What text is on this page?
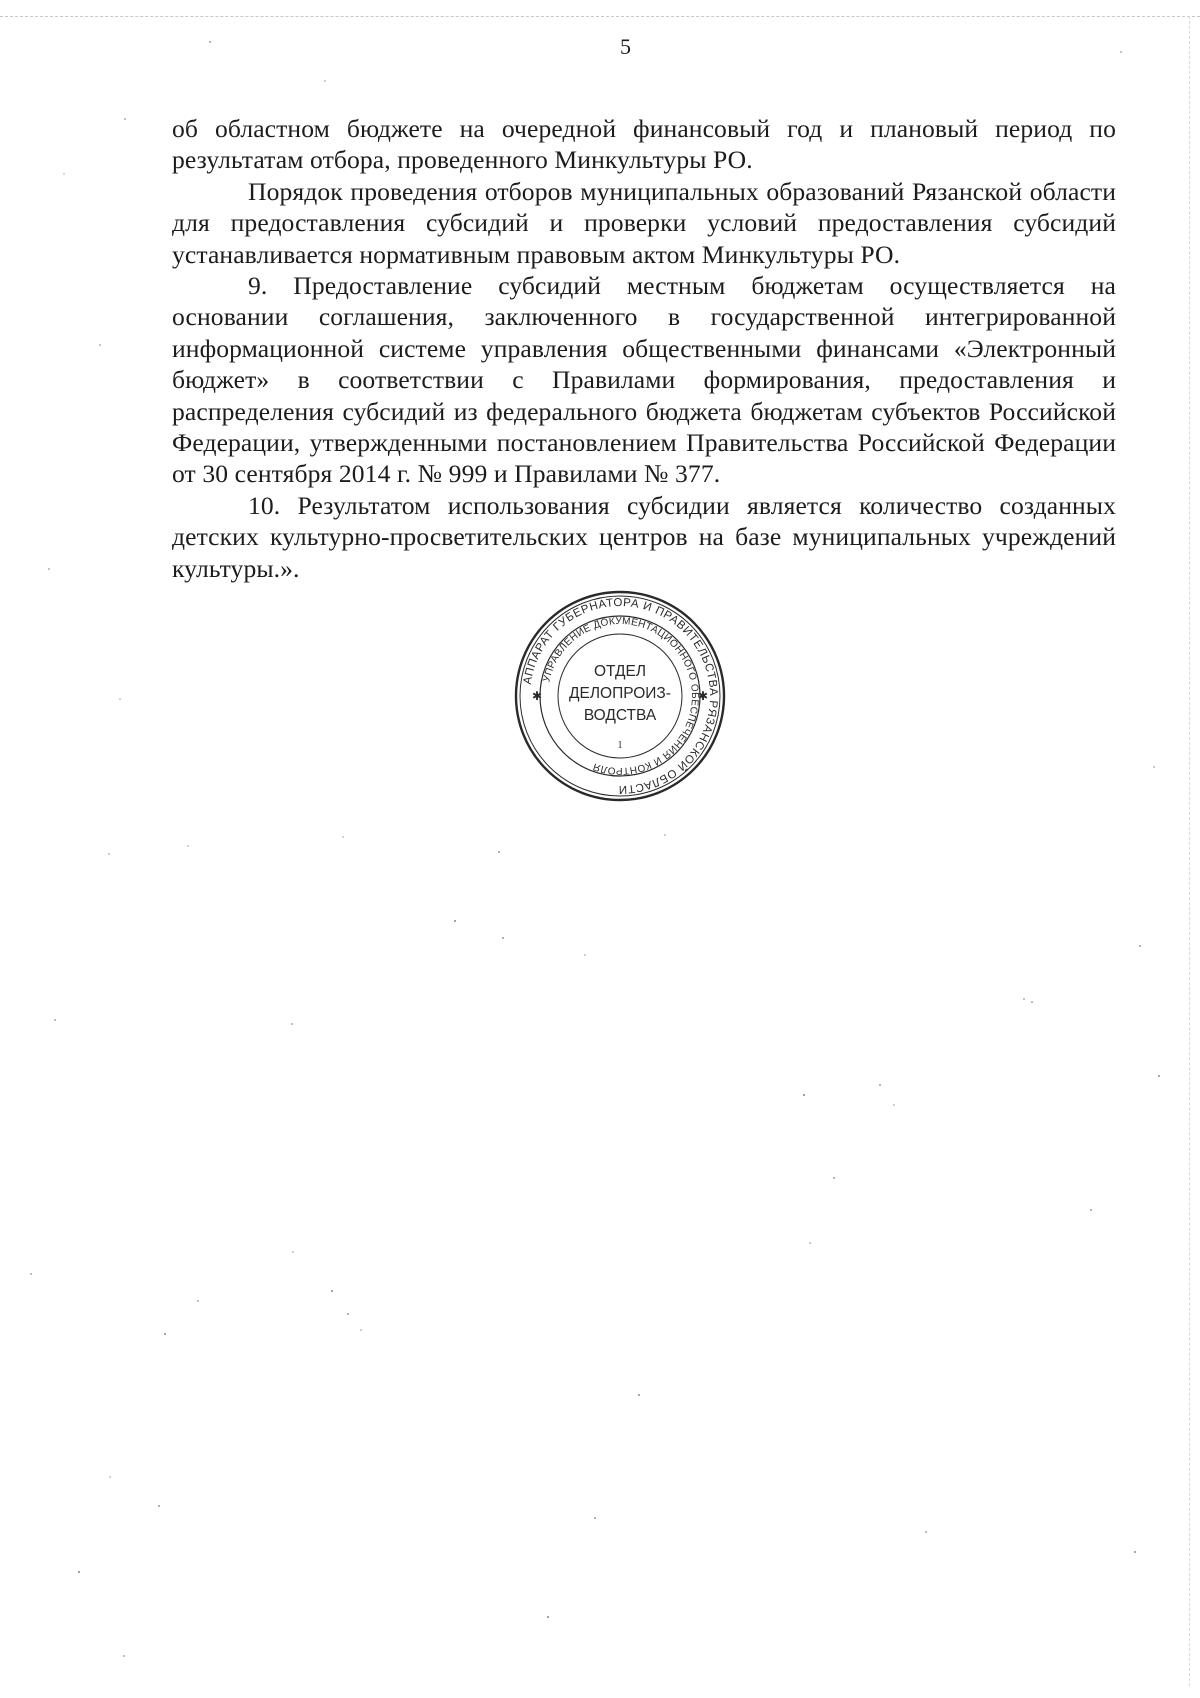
5

об областном бюджете на очередной финансовый год и плановый период по результатам отбора, проведенного Минкультуры РО.

Порядок проведения отборов муниципальных образований Рязанской области для предоставления субсидий и проверки условий предоставления субсидий устанавливается нормативным правовым актом Минкультуры РО.

9. Предоставление субсидий местным бюджетам осуществляется на основании соглашения, заключенного в государственной интегрированной информационной системе управления общественными финансами «Электронный бюджет» в соответствии с Правилами формирования, предоставления и распределения субсидий из федерального бюджета бюджетам субъектов Российской Федерации, утвержденными постановлением Правительства Российской Федерации от 30 сентября 2014 г. № 999 и Правилами № 377.

10. Результатом использования субсидии является количество созданных детских культурно-просветительских центров на базе муниципальных учреждений культуры.».

АППАРАТ ГУБЕРНАТОРА И ПРАВИТЕЛЬСТВА РЯЗАНСКОЙ ОБЛАСТИ
УПРАВЛЕНИЕ ДОКУМЕНТАЦИОННОГО ОБЕСПЕЧЕНИЯ И КОНТРОЛЯ
✱	✱
ОТДЕЛ
ДЕЛОПРОИЗ-
ВОДСТВА
1
